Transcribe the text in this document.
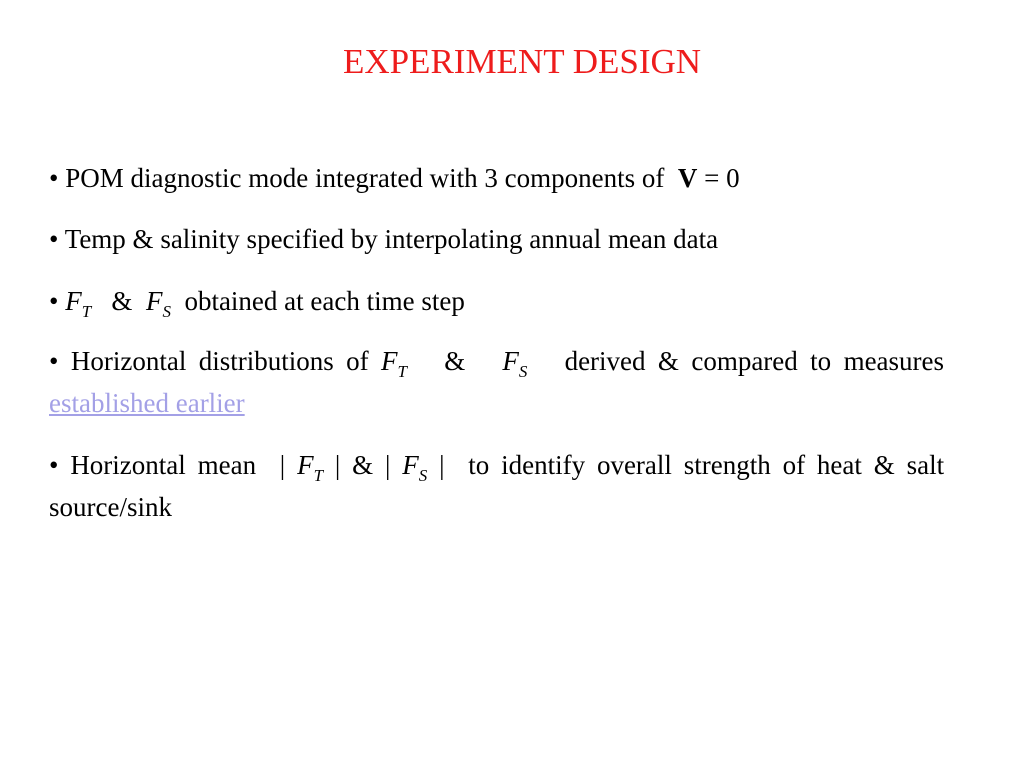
EXPERIMENT DESIGN

• POM diagnostic mode integrated with 3 components of V = 0

• Temp & salinity specified by interpolating annual mean data

• $F_T$ & $F_S$ obtained at each time step

• Horizontal distributions of $F_T$ & $F_S$ derived & compared to measures established earlier

• Horizontal mean | $F_T$ | & | $F_S$ | to identify overall strength of heat & salt source/sink
